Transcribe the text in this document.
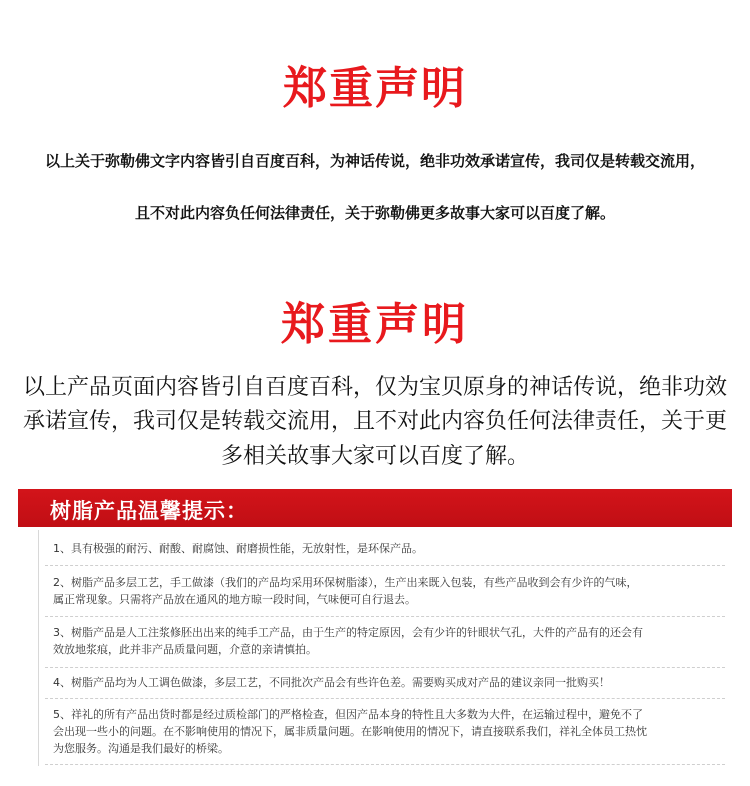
郑重声明
以上关于弥勒佛文字内容皆引自百度百科，为神话传说，绝非功效承诺宣传，我司仅是转载交流用，
且不对此内容负任何法律责任，关于弥勒佛更多故事大家可以百度了解。
郑重声明
以上产品页面内容皆引自百度百科，仅为宝贝原身的神话传说，绝非功效
承诺宣传，我司仅是转载交流用，且不对此内容负任何法律责任，关于更
多相关故事大家可以百度了解。
树脂产品温馨提示：
1、具有极强的耐污、耐酸、耐腐蚀、耐磨损性能，无放射性，是环保产品。
2、树脂产品多层工艺，手工做漆（我们的产品均采用环保树脂漆），生产出来既入包装，有些产品收到会有少许的气味，
属正常现象。只需将产品放在通风的地方晾一段时间，气味便可自行退去。
3、树脂产品是人工注浆修胚出出来的纯手工产品，由于生产的特定原因，会有少许的针眼状气孔，大件的产品有的还会有
效放地浆痕，此并非产品质量问题，介意的亲请慎拍。
4、树脂产品均为人工调色做漆，多层工艺，不同批次产品会有些许色差。需要购买成对产品的建议亲同一批购买！
5、祥礼的所有产品出货时都是经过质检部门的严格检查，但因产品本身的特性且大多数为大件，在运输过程中，避免不了
会出现一些小的问题。在不影响使用的情况下，属非质量问题。在影响使用的情况下，请直接联系我们，祥礼全体员工热忱
为您服务。沟通是我们最好的桥梁。
